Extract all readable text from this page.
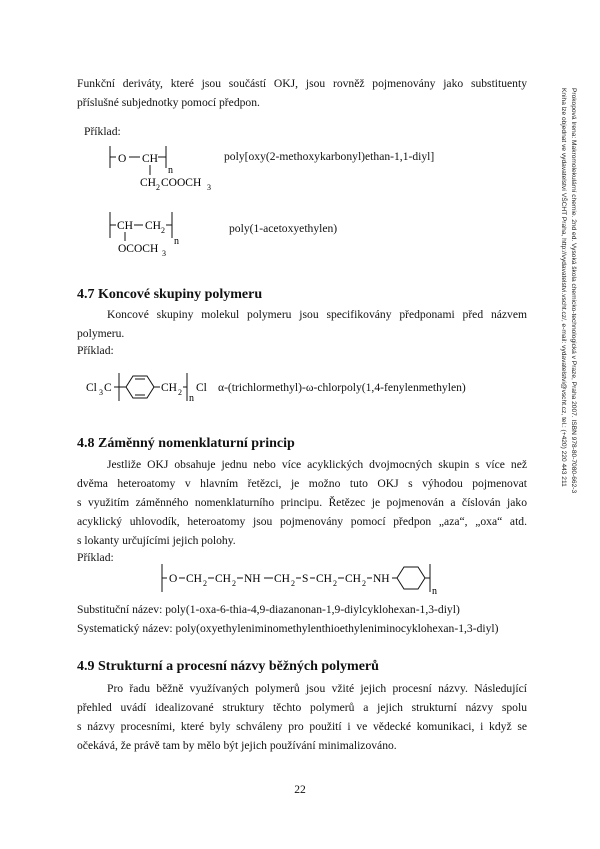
Funkční deriváty, které jsou součástí OKJ, jsou rovněž pojmenovány jako substituenty
příslušné subjednotky pomocí předpon.
Příklad:
O CH
n
CH 2 COOCH 3
poly[oxy(2-methoxykarbonyl)ethan-1,1-diyl]
CH CH 2
n
OCOCH 3
poly(1-acetoxyethylen)
4.7 Koncové skupiny polymeru
Koncové skupiny molekul polymeru jsou specifikovány předponami před názvem
polymeru.
Příklad:
Cl 3 C	CH 2
n
Cl α-(trichlormethyl)-ω-chlorpoly(1,4-fenylenmethylen)
4.8 Záměnný nomenklaturní princip
Jestliže OKJ obsahuje jednu nebo více acyklických dvojmocných skupin s více než
dvěma heteroatomy v hlavním řetězci, je možno tuto OKJ s výhodou pojmenovat
s využitím záměnného nomenklaturního principu. Řetězec je pojmenován a číslován jako
acyklický uhlovodík, heteroatomy jsou pojmenovány pomocí předpon „aza“, „oxa“ atd.
s lokanty určujícími jejich polohy.
Příklad:
O CH 2 CH 2 NH CH 2 S CH 2 CH 2 NH
n
Substituční název: poly(1-oxa-6-thia-4,9-diazanonan-1,9-diylcyklohexan-1,3-diyl)
Systematický název: poly(oxyethyleniminomethylenthioethyleniminocyklohexan-1,3-diyl)
4.9 Strukturní a procesní názvy běžných polymerů
Pro řadu běžně využívaných polymerů jsou vžité jejich procesní názvy. Následující
přehled uvádí idealizované struktury těchto polymerů a jejich strukturní názvy spolu
s názvy procesními, které byly schváleny pro použití i ve vědecké komunikaci, i když se
očekává, že právě tam by mělo být jejich používání minimalizováno.
22
Prokopová Irena: Makromolekulární chemie. 2nd ed. Vysoká škola chemicko-technologická v Praze, Praha 2007. ISBN 978-80-7080-662-3
Kniha lze objednat ve vydavatelství VŠCHT Praha, http://vydavatelstvi.vscht.cz/, e-mail: vydavatelstvi@vscht.cz, tel.: (+420) 220 443 211
